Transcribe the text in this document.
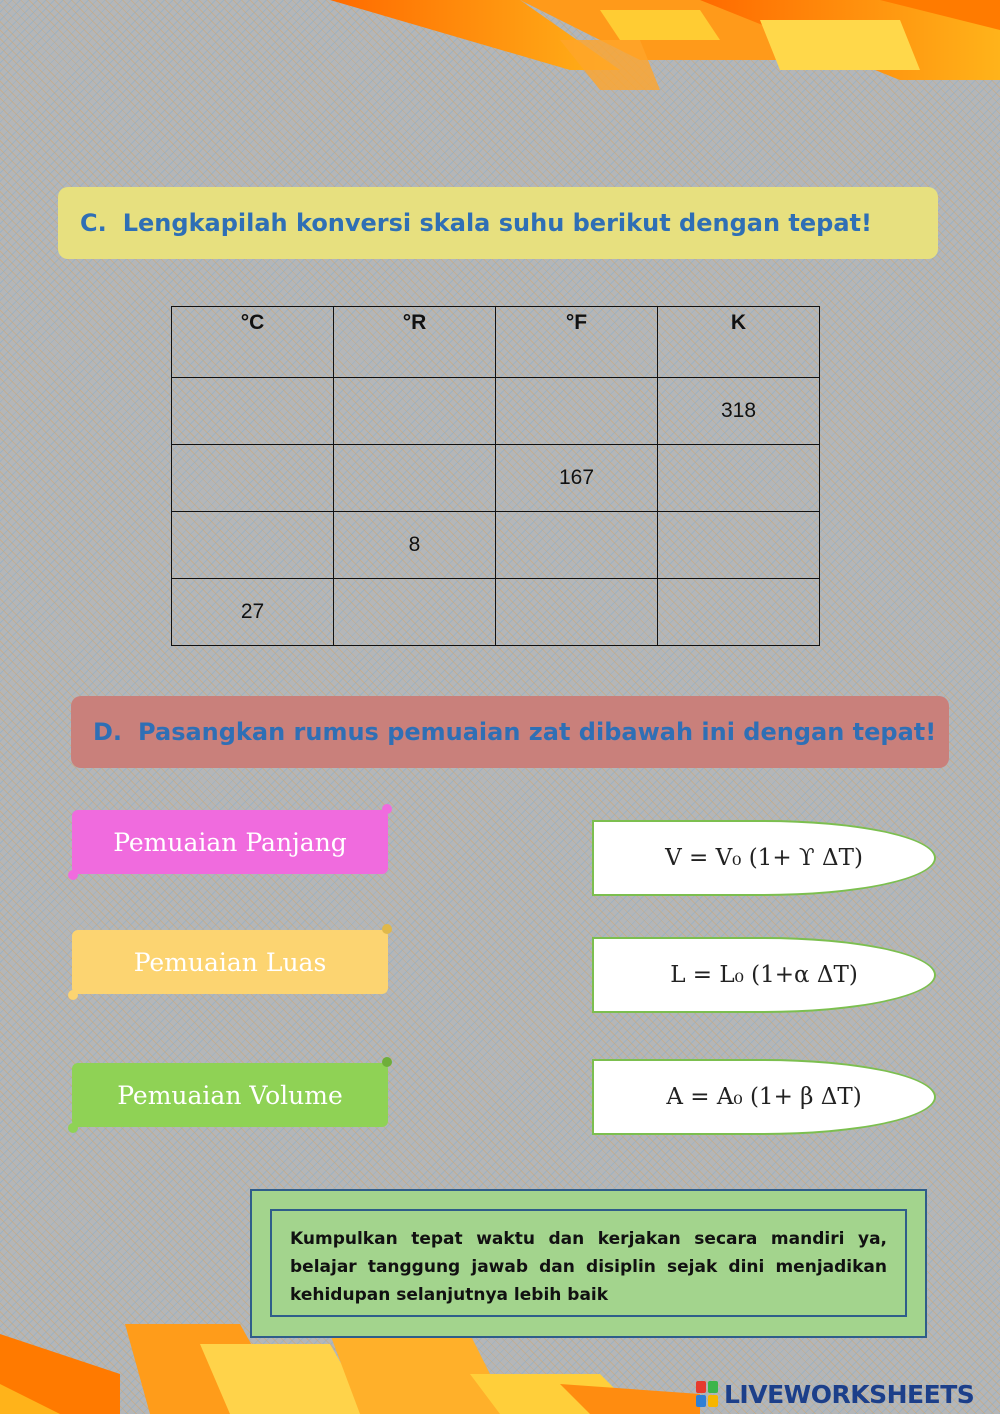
C. Lengkapilah konversi skala suhu berikut dengan tepat!
°C	°R	°F	K
			318
		167	
	8		
27			
D. Pasangkan rumus pemuaian zat dibawah ini dengan tepat!
Pemuaian Panjang
Pemuaian Luas
Pemuaian Volume
V = V₀ (1+ ϒ ΔT)
L = L₀ (1+α ΔT)
A = A₀ (1+ β ΔT)
Kumpulkan tepat waktu dan kerjakan secara mandiri ya, belajar tanggung jawab dan disiplin sejak dini menjadikan kehidupan selanjutnya lebih baik
LIVEWORKSHEETS
